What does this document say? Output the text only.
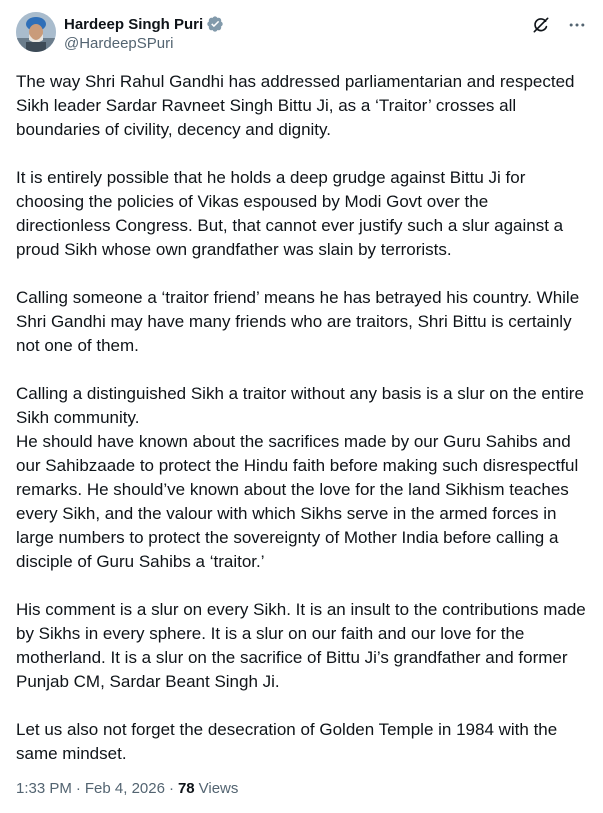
Hardeep Singh Puri
@HardeepSPuri

The way Shri Rahul Gandhi has addressed parliamentarian and respected Sikh leader Sardar Ravneet Singh Bittu Ji, as a ‘Traitor’ crosses all boundaries of civility, decency and dignity.

It is entirely possible that he holds a deep grudge against Bittu Ji for choosing the policies of Vikas espoused by Modi Govt over the directionless Congress. But, that cannot ever justify such a slur against a proud Sikh whose own grandfather was slain by terrorists.

Calling someone a ‘traitor friend’ means he has betrayed his country. While Shri Gandhi may have many friends who are traitors, Shri Bittu is certainly not one of them.

Calling a distinguished Sikh a traitor without any basis is a slur on the entire Sikh community.

He should have known about the sacrifices made by our Guru Sahibs and our Sahibzaade to protect the Hindu faith before making such disrespectful remarks. He should’ve known about the love for the land Sikhism teaches every Sikh, and the valour with which Sikhs serve in the armed forces in large numbers to protect the sovereignty of Mother India before calling a disciple of Guru Sahibs a ‘traitor.’

His comment is a slur on every Sikh. It is an insult to the contributions made by Sikhs in every sphere. It is a slur on our faith and our love for the motherland. It is a slur on the sacrifice of Bittu Ji’s grandfather and former Punjab CM, Sardar Beant Singh Ji.

Let us also not forget the desecration of Golden Temple in 1984 with the same mindset.

1:33 PM · Feb 4, 2026 · 78 Views
